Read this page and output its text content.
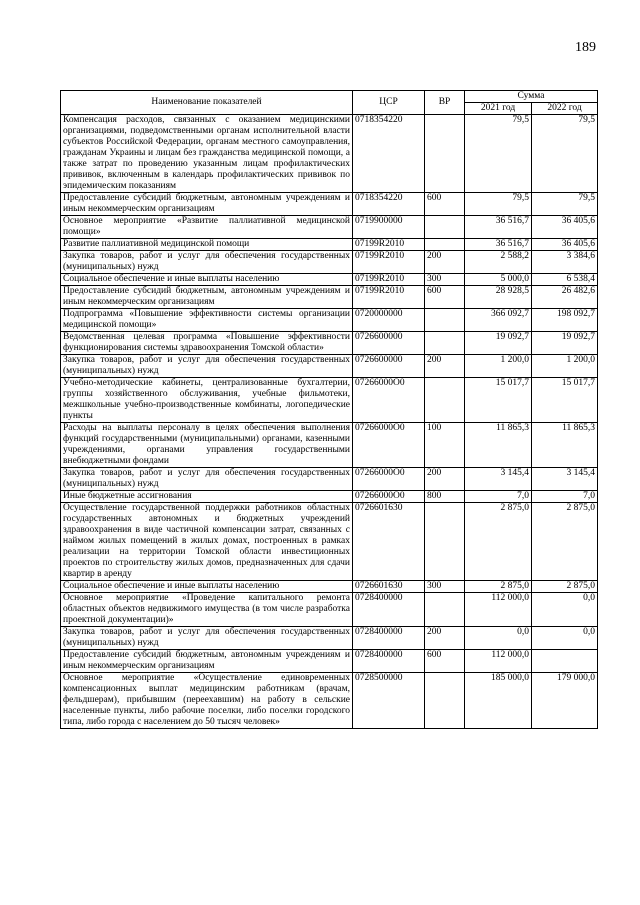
189
Наименование показателей	ЦСР	ВР	Сумма	
			2021 год	2022 год
Компенсация расходов, связанных с оказанием медицинскими организациями, подведомственными органам исполнительной власти субъектов Российской Федерации, органам местного самоуправления, гражданам Украины и лицам без гражданства медицинской помощи, а также затрат по проведению указанным лицам профилактических прививок, включенным в календарь профилактических прививок по эпидемическим показаниям	0718354220		79,5	79,5
Предоставление субсидий бюджетным, автономным учреждениям и иным некоммерческим организациям	0718354220	600	79,5	79,5
Основное мероприятие «Развитие паллиативной медицинской помощи»	0719900000		36 516,7	36 405,6
Развитие паллиативной медицинской помощи	07199R2010		36 516,7	36 405,6
Закупка товаров, работ и услуг для обеспечения государственных (муниципальных) нужд	07199R2010	200	2 588,2	3 384,6
Социальное обеспечение и иные выплаты населению	07199R2010	300	5 000,0	6 538,4
Предоставление субсидий бюджетным, автономным учреждениям и иным некоммерческим организациям	07199R2010	600	28 928,5	26 482,6
Подпрограмма «Повышение эффективности системы организации медицинской помощи»	0720000000		366 092,7	198 092,7
Ведомственная целевая программа «Повышение эффективности функционирования системы здравоохранения Томской области»	0726600000		19 092,7	19 092,7
Закупка товаров, работ и услуг для обеспечения государственных (муниципальных) нужд	0726600000	200	1 200,0	1 200,0
Учебно-методические кабинеты, централизованные бухгалтерии, группы хозяйственного обслуживания, учебные фильмотеки, межшкольные учебно-производственные комбинаты, логопедические пункты	07266000О0		15 017,7	15 017,7
Расходы на выплаты персоналу в целях обеспечения выполнения функций государственными (муниципальными) органами, казенными учреждениями, органами управления государственными внебюджетными фондами	07266000О0	100	11 865,3	11 865,3
Закупка товаров, работ и услуг для обеспечения государственных (муниципальных) нужд	07266000О0	200	3 145,4	3 145,4
Иные бюджетные ассигнования	07266000О0	800	7,0	7,0
Осуществление государственной поддержки работников областных государственных автономных и бюджетных учреждений здравоохранения в виде частичной компенсации затрат, связанных с наймом жилых помещений в жилых домах, построенных в рамках реализации на территории Томской области инвестиционных проектов по строительству жилых домов, предназначенных для сдачи квартир в аренду	0726601630		2 875,0	2 875,0
Социальное обеспечение и иные выплаты населению	0726601630	300	2 875,0	2 875,0
Основное мероприятие «Проведение капитального ремонта областных объектов недвижимого имущества (в том числе разработка проектной документации)»	0728400000		112 000,0	0,0
Закупка товаров, работ и услуг для обеспечения государственных (муниципальных) нужд	0728400000	200	0,0	0,0
Предоставление субсидий бюджетным, автономным учреждениям и иным некоммерческим организациям	0728400000	600	112 000,0	
Основное мероприятие «Осуществление единовременных компенсационных выплат медицинским работникам (врачам, фельдшерам), прибывшим (переехавшим) на работу в сельские населенные пункты, либо рабочие поселки, либо поселки городского типа, либо города с населением до 50 тысяч человек»	0728500000		185 000,0	179 000,0
